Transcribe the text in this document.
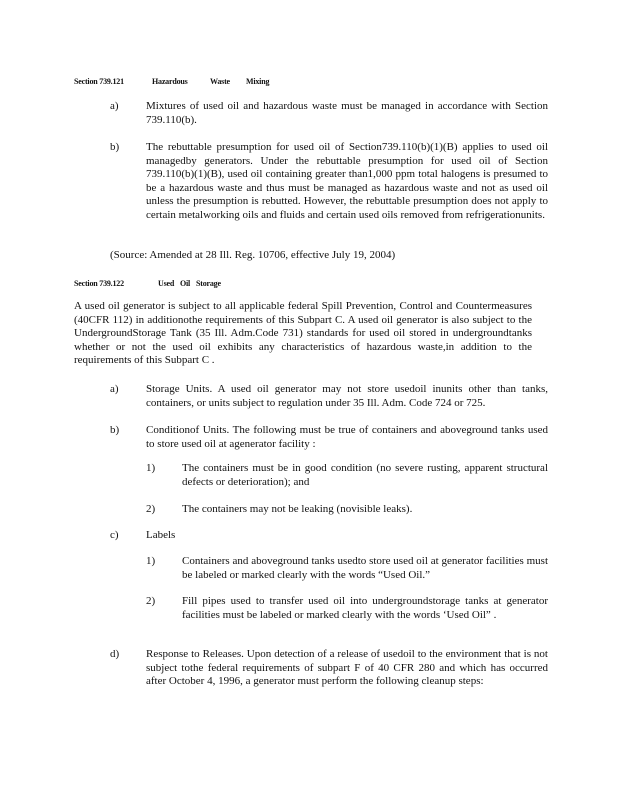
Section 739.121	Hazardous	Waste Mixing
a) Mixtures of used oil and hazardous waste must be managed in accordance with Section 739.110(b).
b) The rebuttable presumption for used oil of Section739.110(b)(1)(B) applies to used oil managedby generators. Under the rebuttable presumption for used oil of Section 739.110(b)(1)(B), used oil containing greater than1,000 ppm total halogens is presumed to be a hazardous waste and thus must be managed as hazardous waste and not as used oil unless the presumption is rebutted. However, the rebuttable presumption does not apply to certain metalworking oils and fluids and certain used oils removed from refrigerationunits.
(Source: Amended at 28 Ill. Reg. 10706, effective July 19, 2004)
Section 739.122	Used Oil Storage
A used oil generator is subject to all applicable federal Spill Prevention, Control and Countermeasures (40CFR 112) in additionothe requirements of this Subpart C. A used oil generator is also subject to the UndergroundStorage Tank (35 Ill. Adm.Code 731) standards for used oil stored in undergroundtanks whether or not the used oil exhibits any characteristics of hazardous waste,in addition to the requirements of this Subpart C .
a) Storage Units. A used oil generator may not store usedoil inunits other than tanks, containers, or units subject to regulation under 35 Ill. Adm. Code 724 or 725.
b) Conditionof Units. The following must be true of containers and aboveground tanks used to store used oil at agenerator facility :
1) The containers must be in good condition (no severe rusting, apparent structural defects or deterioration); and
2) The containers may not be leaking (novisible leaks).
c) Labels
1) Containers and aboveground tanks usedto store used oil at generator facilities must be labeled or marked clearly with the words “Used Oil.”
2) Fill pipes used to transfer used oil into undergroundstorage tanks at generator facilities must be labeled or marked clearly with the words ‘Used Oil” .
d) Response to Releases. Upon detection of a release of usedoil to the environment that is not subject tothe federal requirements of subpart F of 40 CFR 280 and which has occurred after October 4, 1996, a generator must perform the following cleanup steps:
